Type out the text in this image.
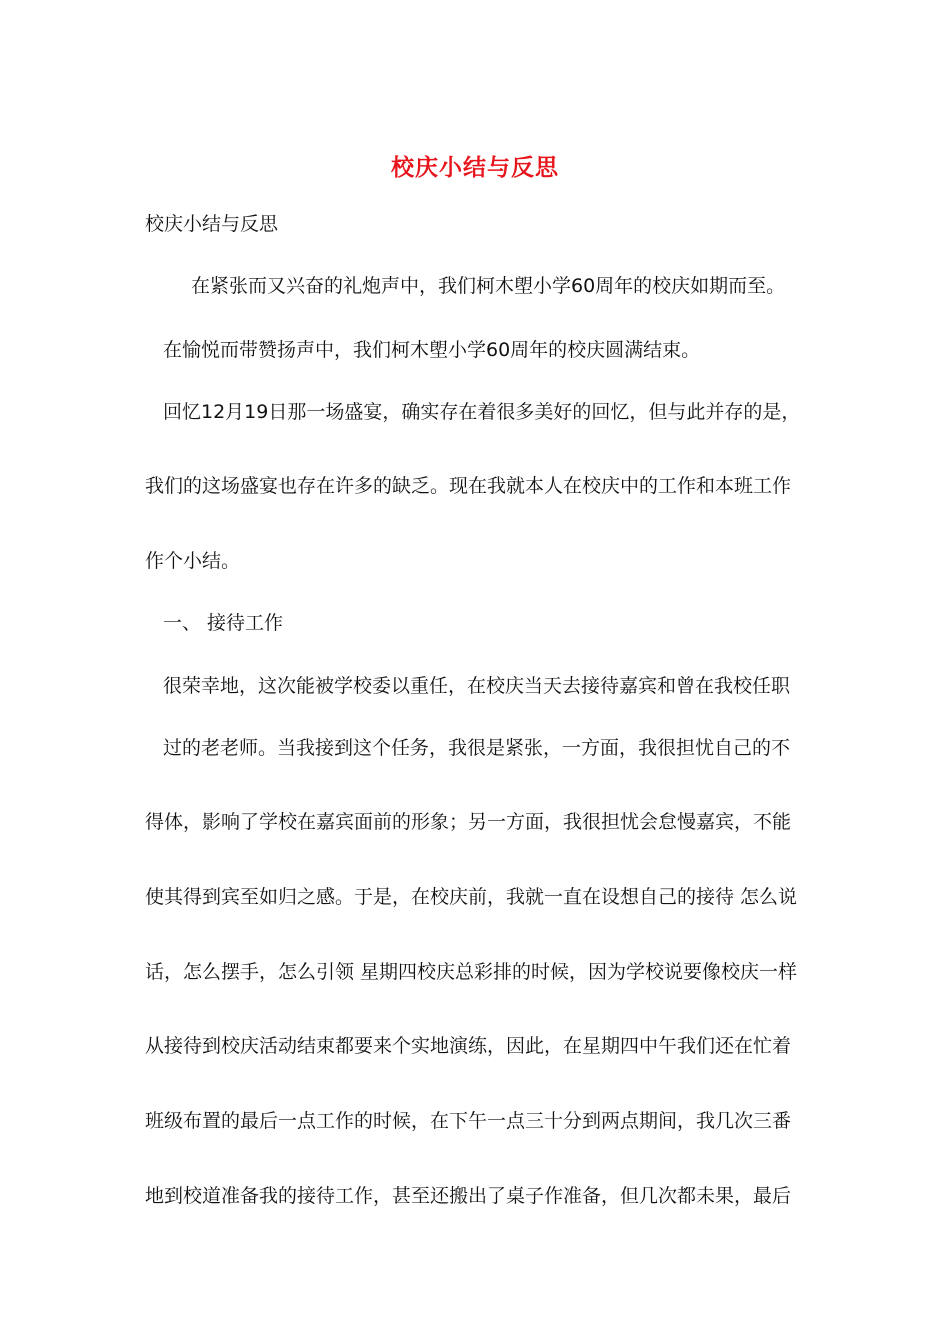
校庆小结与反思

校庆小结与反思

在紧张而又兴奋的礼炮声中，我们柯木塱小学60周年的校庆如期而至。

在愉悦而带赞扬声中，我们柯木塱小学60周年的校庆圆满结束。

回忆12月19日那一场盛宴，确实存在着很多美好的回忆，但与此并存的是，

我们的这场盛宴也存在许多的缺乏。现在我就本人在校庆中的工作和本班工作

作个小结。

一、 接待工作

很荣幸地，这次能被学校委以重任，在校庆当天去接待嘉宾和曾在我校任职

过的老老师。当我接到这个任务，我很是紧张，一方面，我很担忧自己的不

得体，影响了学校在嘉宾面前的形象；另一方面，我很担忧会怠慢嘉宾，不能

使其得到宾至如归之感。于是，在校庆前，我就一直在设想自己的接待 怎么说

话，怎么摆手，怎么引领 星期四校庆总彩排的时候，因为学校说要像校庆一样

从接待到校庆活动结束都要来个实地演练，因此，在星期四中午我们还在忙着

班级布置的最后一点工作的时候，在下午一点三十分到两点期间，我几次三番

地到校道准备我的接待工作，甚至还搬出了桌子作准备，但几次都未果，最后
